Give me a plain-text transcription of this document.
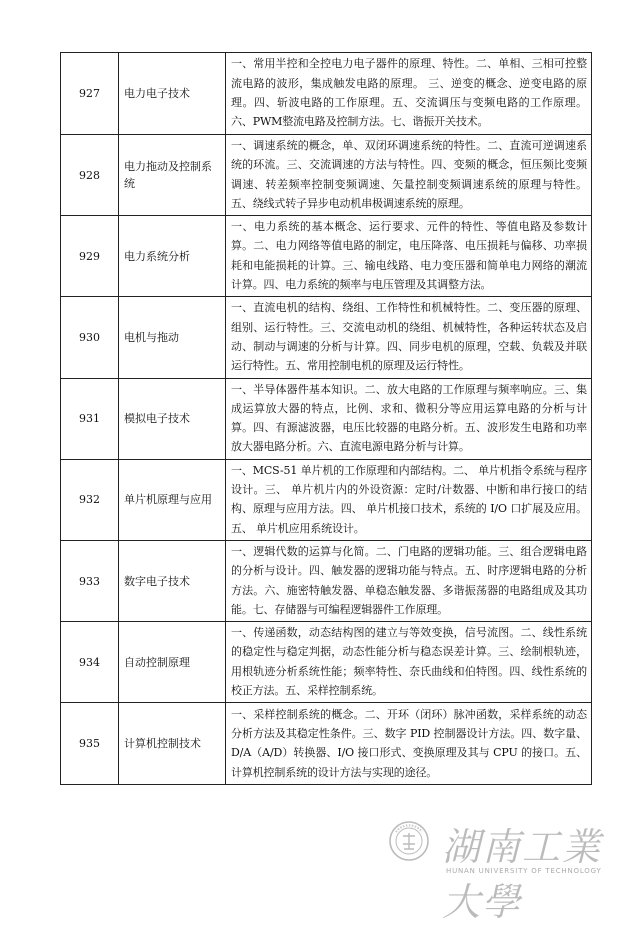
927	电力电子技术	一、常用半控和全控电力电子器件的原理、特性。二、单相、三相可控整流电路的波形，集成触发电路的原理。 三、逆变的概念、逆变电路的原理。四、斩波电路的工作原理。五、交流调压与变频电路的工作原理。六、PWM整流电路及控制方法。七、谐振开关技术。
928	电力拖动及控制系统	一、调速系统的概念，单、双闭环调速系统的特性。二、直流可逆调速系统的环流。三、交流调速的方法与特性。四、变频的概念，恒压频比变频调速、转差频率控制变频调速、矢量控制变频调速系统的原理与特性。五、绕线式转子异步电动机串极调速系统的原理。
929	电力系统分析	一、电力系统的基本概念、运行要求、元件的特性、等值电路及参数计算。二、电力网络等值电路的制定，电压降落、电压损耗与偏移、功率损耗和电能损耗的计算。三、输电线路、电力变压器和简单电力网络的潮流计算。四、电力系统的频率与电压管理及其调整方法。
930	电机与拖动	一、直流电机的结构、绕组、工作特性和机械特性。二、变压器的原理、组别、运行特性。三、交流电动机的绕组、机械特性，各种运转状态及启动、制动与调速的分析与计算。四、同步电机的原理，空载、负载及并联运行特性。五、常用控制电机的原理及运行特性。
931	模拟电子技术	一、半导体器件基本知识。二、放大电路的工作原理与频率响应。三、集成运算放大器的特点，比例、求和、微积分等应用运算电路的分析与计算。四、有源滤波器，电压比较器的电路分析。五、波形发生电路和功率放大器电路分析。六、直流电源电路分析与计算。
932	单片机原理与应用	一、MCS-51 单片机的工作原理和内部结构。二、 单片机指令系统与程序设计。三、 单片机片内的外设资源：定时/计数器、中断和串行接口的结构、原理与应用方法。四、 单片机接口技术，系统的 I/O 口扩展及应用。五、 单片机应用系统设计。
933	数字电子技术	一、逻辑代数的运算与化简。二、门电路的逻辑功能。三、组合逻辑电路的分析与设计。四、触发器的逻辑功能与特点。五、时序逻辑电路的分析方法。六、施密特触发器、单稳态触发器、多谐振荡器的电路组成及其功能。七、存储器与可编程逻辑器件工作原理。
934	自动控制原理	一、传递函数，动态结构图的建立与等效变换，信号流图。二、线性系统的稳定性与稳定判据，动态性能分析与稳态误差计算。三、绘制根轨迹，用根轨迹分析系统性能；频率特性、奈氏曲线和伯特图。四、线性系统的校正方法。五、采样控制系统。
935	计算机控制技术	一、采样控制系统的概念。二、开环（闭环）脉冲函数，采样系统的动态分析方法及其稳定性条件。三、数字 PID 控制器设计方法。四、数字量、D/A（A/D）转换器、I/O 接口形式、变换原理及其与 CPU 的接口。五、计算机控制系统的设计方法与实现的途径。
湖南工業大學
HUNAN UNIVERSITY OF TECHNOLOGY
